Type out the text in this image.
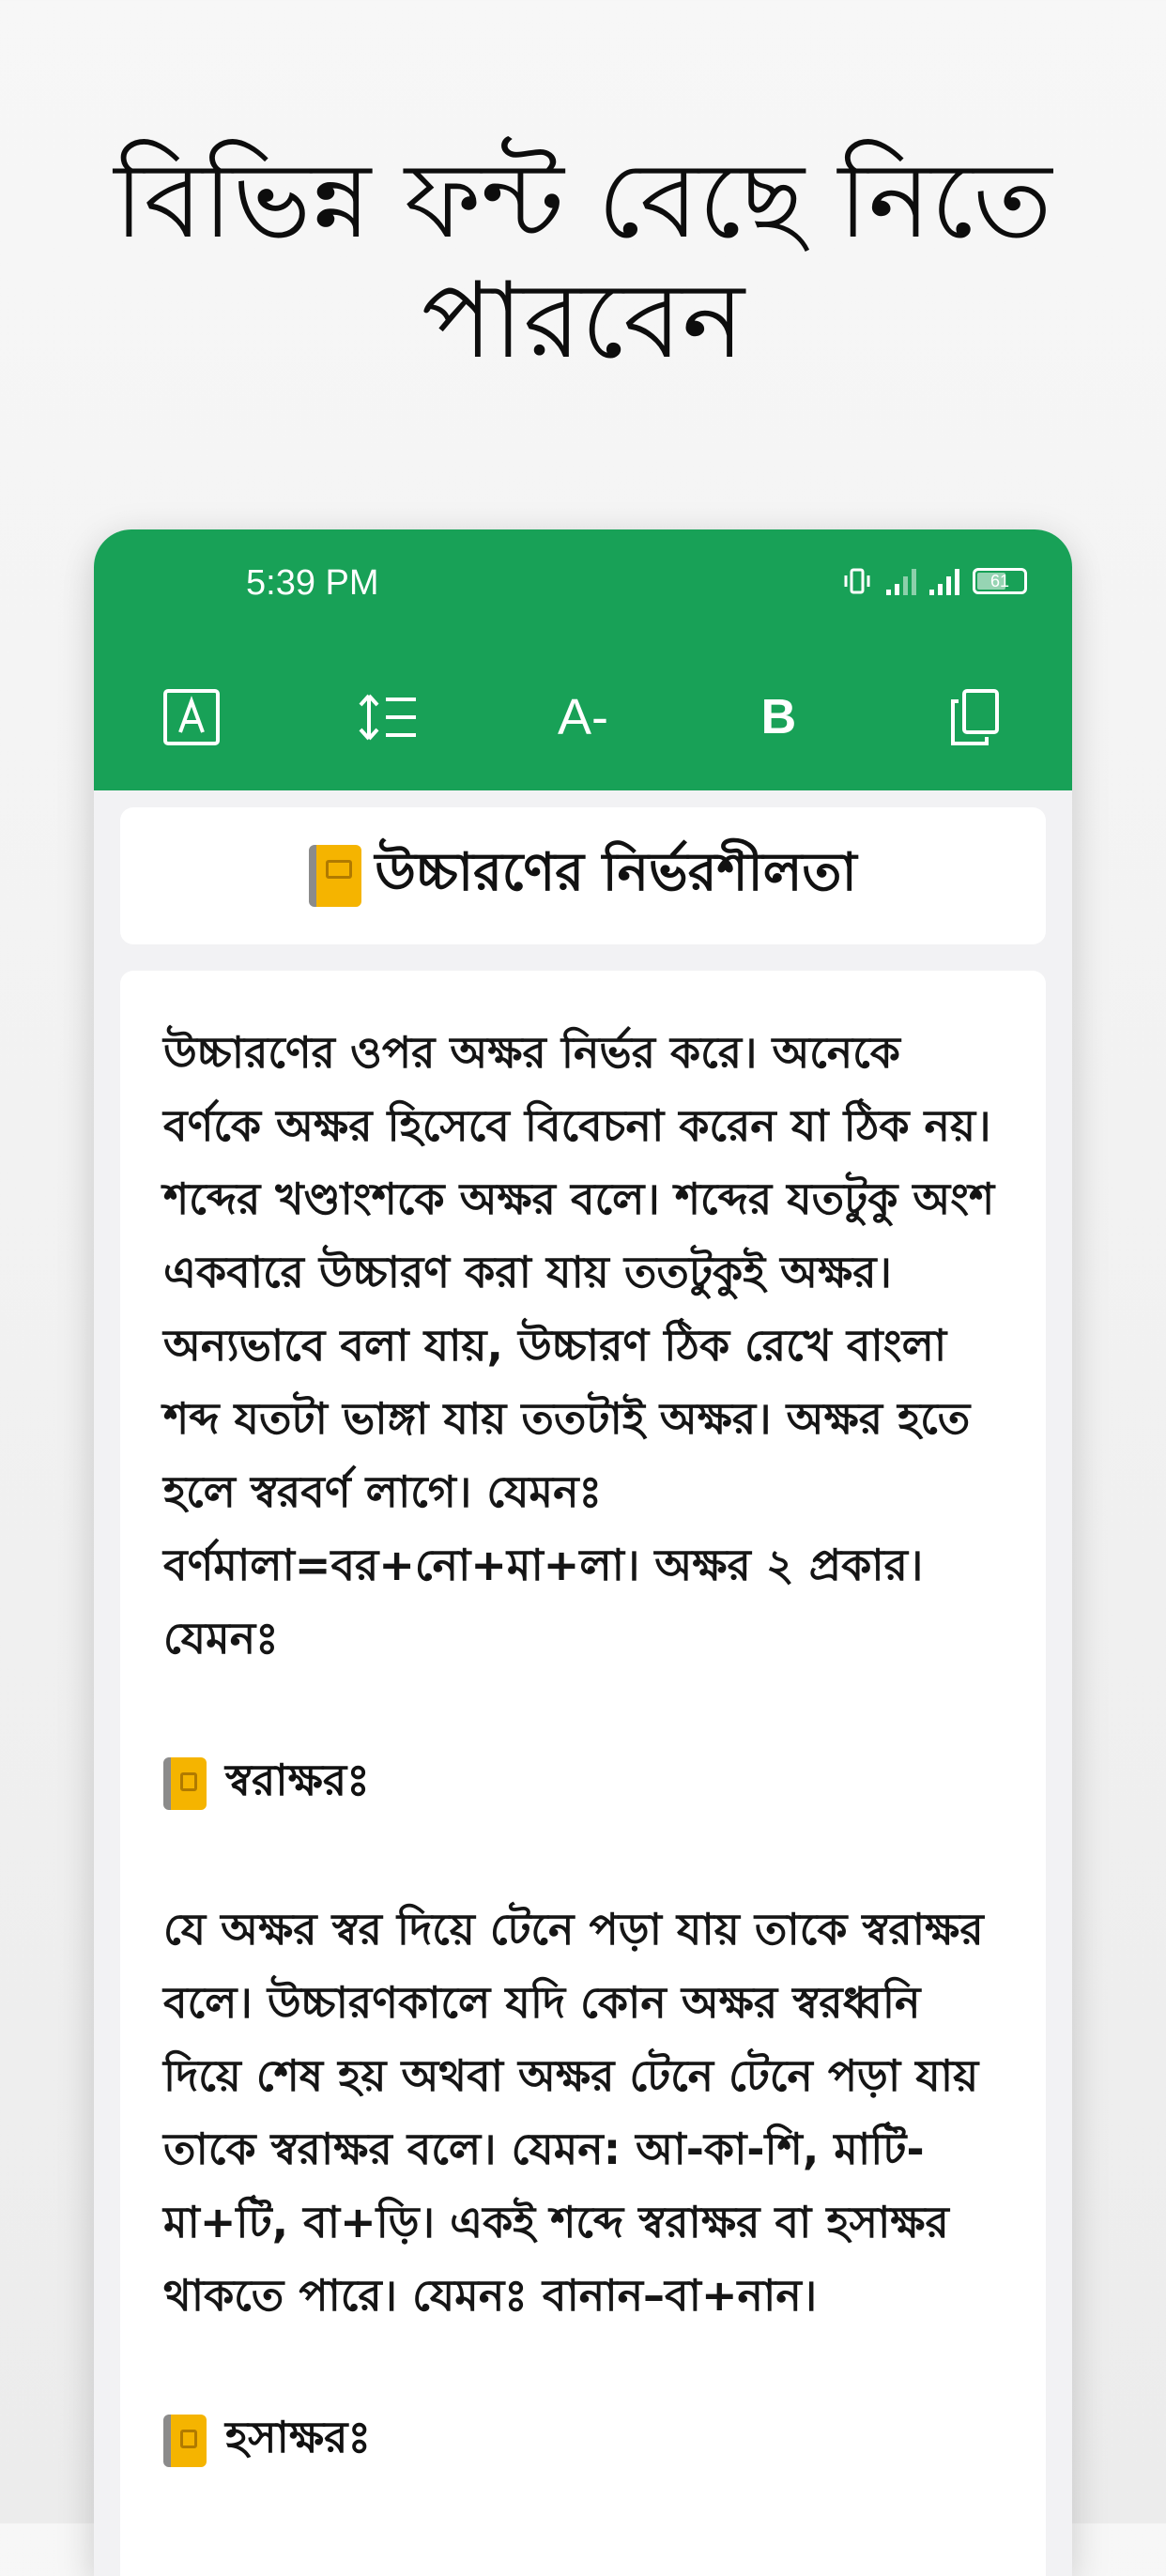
বিভিন্ন ফন্ট বেছে নিতে
পারবেন
5:39 PM	61
A-	B
উচ্চারণের নির্ভরশীলতা

উচ্চারণের ওপর অক্ষর নির্ভর করে। অনেকে বর্ণকে অক্ষর হিসেবে বিবেচনা করেন যা ঠিক নয়। শব্দের খণ্ডাংশকে অক্ষর বলে। শব্দের যতটুকু অংশ একবারে উচ্চারণ করা যায় ততটুকুই অক্ষর। অন্যভাবে বলা যায়, উচ্চারণ ঠিক রেখে বাংলা শব্দ যতটা ভাঙ্গা যায় ততটাই অক্ষর। অক্ষর হতে হলে স্বরবর্ণ লাগে। যেমনঃ বর্ণমালা=বর+নো+মা+লা। অক্ষর ২ প্রকার। যেমনঃ

স্বরাক্ষরঃ

যে অক্ষর স্বর দিয়ে টেনে পড়া যায় তাকে স্বরাক্ষর বলে। উচ্চারণকালে যদি কোন অক্ষর স্বরধ্বনি দিয়ে শেষ হয় অথবা অক্ষর টেনে টেনে পড়া যায় তাকে স্বরাক্ষর বলে। যেমন: আ-কা-শি, মাটি-মা+টি, বা+ড়ি। একই শব্দে স্বরাক্ষর বা হসাক্ষর থাকতে পারে। যেমনঃ বানান–বা+নান।

হসাক্ষরঃ
